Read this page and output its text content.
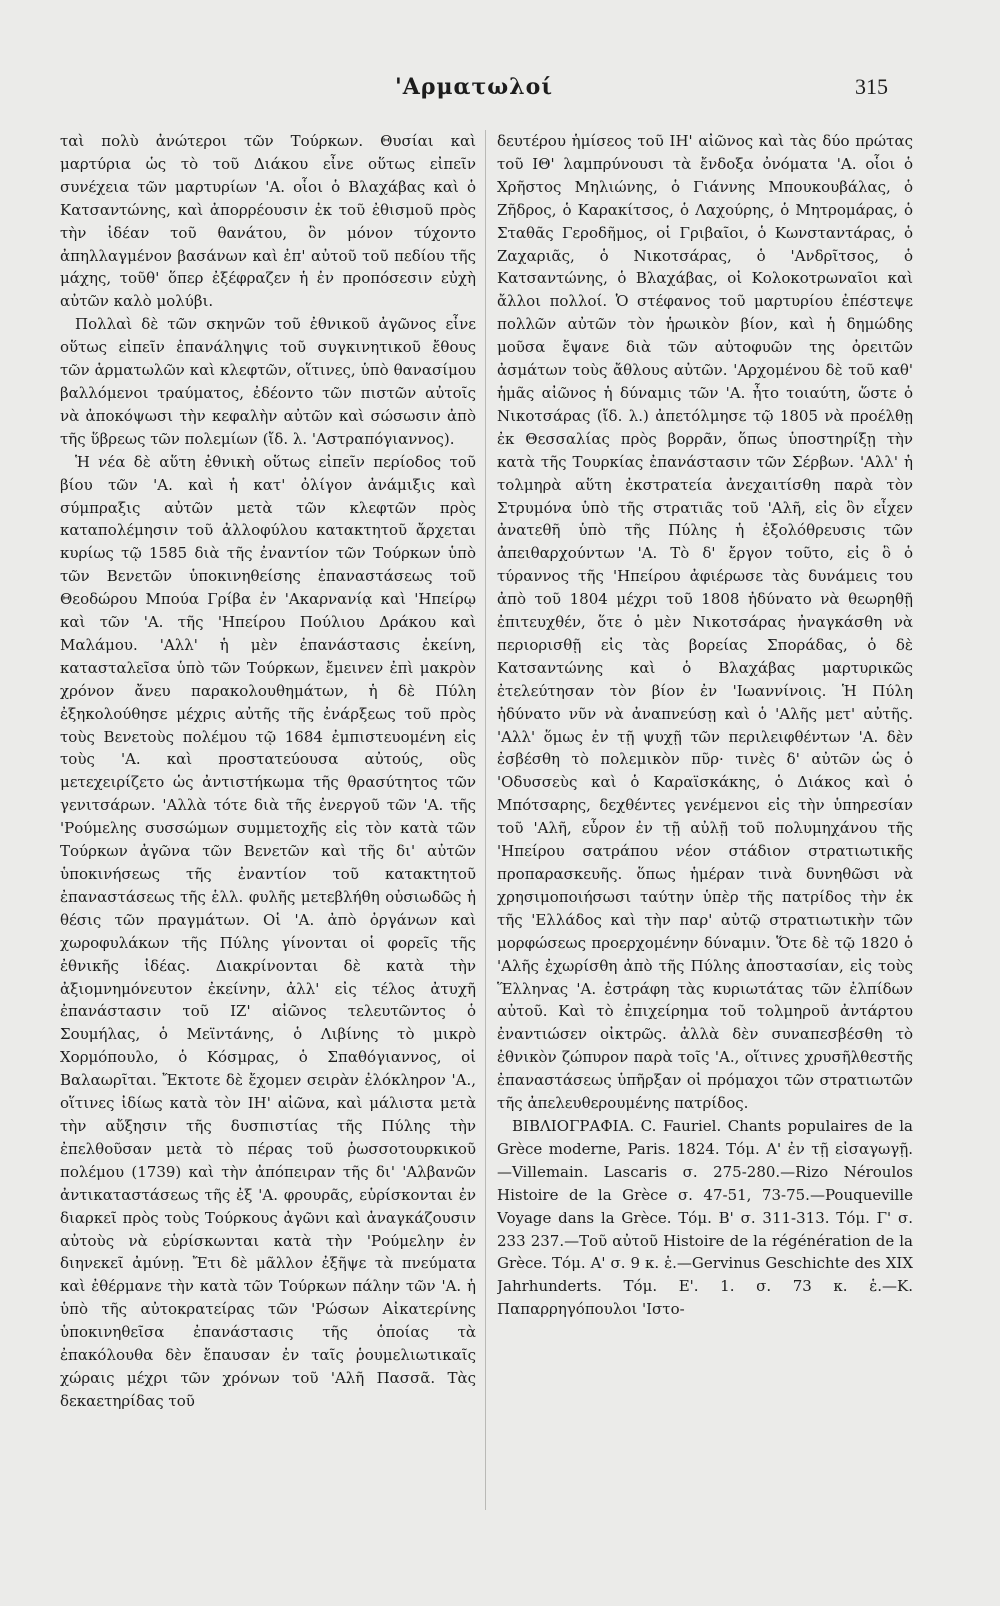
'Αρματωλοί	315

ταὶ πολὺ ἀνώτεροι τῶν Τούρκων. Θυσίαι καὶ μαρτύρια ὡς τὸ τοῦ Διάκου εἶνε οὕτως εἰπεῖν συνέχεια τῶν μαρτυρίων 'Α. οἷοι ὁ Βλαχάβας καὶ ὁ Κατσαντώνης, καὶ ἀπορρέουσιν ἐκ τοῦ ἐθισμοῦ πρὸς τὴν ἰδέαν τοῦ θανάτου, ὃν μόνον τύχοντο ἀπηλλαγμένον βασάνων καὶ ἐπ' αὐτοῦ τοῦ πεδίου τῆς μάχης, τοῦθ' ὅπερ ἐξέφραζεν ἡ ἐν προπόσεσιν εὐχὴ αὐτῶν καλὸ μολύβι.

Πολλαὶ δὲ τῶν σκηνῶν τοῦ ἐθνικοῦ ἀγῶνος εἶνε οὕτως εἰπεῖν ἐπανάληψις τοῦ συγκινητικοῦ ἔθους τῶν ἁρματωλῶν καὶ κλεφτῶν, οἵτινες, ὑπὸ θανασίμου βαλλόμενοι τραύματος, ἐδέοντο τῶν πιστῶν αὐτοῖς νὰ ἀποκόψωσι τὴν κεφαλὴν αὐτῶν καὶ σώσωσιν ἀπὸ τῆς ὕβρεως τῶν πολεμίων (ἴδ. λ. 'Αστραπόγιαννος).

Ἡ νέα δὲ αὕτη ἐθνικὴ οὕτως εἰπεῖν περίοδος τοῦ βίου τῶν 'Α. καὶ ἡ κατ' ὀλίγον ἀνάμιξις καὶ σύμπραξις αὐτῶν μετὰ τῶν κλεφτῶν πρὸς καταπολέμησιν τοῦ ἀλλοφύλου κατακτητοῦ ἄρχεται κυρίως τῷ 1585 διὰ τῆς ἐναντίον τῶν Τούρκων ὑπὸ τῶν Βενετῶν ὑποκινηθείσης ἐπαναστάσεως τοῦ Θεοδώρου Μπούα Γρίβα ἐν 'Ακαρνανίᾳ καὶ 'Ηπείρῳ καὶ τῶν 'Α. τῆς 'Ηπείρου Πούλιου Δράκου καὶ Μαλάμου. 'Αλλ' ἡ μὲν ἐπανάστασις ἐκείνη, κατασταλεῖσα ὑπὸ τῶν Τούρκων, ἔμεινεν ἐπὶ μακρὸν χρόνον ἄνευ παρακολουθημάτων, ἡ δὲ Πύλη ἐξηκολούθησε μέχρις αὐτῆς τῆς ἐνάρξεως τοῦ πρὸς τοὺς Βενετοὺς πολέμου τῷ 1684 ἐμπιστευομένη εἰς τοὺς 'Α. καὶ προστατεύουσα αὐτούς, οὓς μετεχειρίζετο ὡς ἀντιστήκωμα τῆς θρασύτητος τῶν γενιτσάρων. 'Αλλὰ τότε διὰ τῆς ἐνεργοῦ τῶν 'Α. τῆς 'Ρούμελης συσσώμων συμμετοχῆς εἰς τὸν κατὰ τῶν Τούρκων ἀγῶνα τῶν Βενετῶν καὶ τῆς δι' αὐτῶν ὑποκινήσεως τῆς ἐναντίον τοῦ κατακτητοῦ ἐπαναστάσεως τῆς ἑλλ. φυλῆς μετεβλήθη οὐσιωδῶς ἡ θέσις τῶν πραγμάτων. Οἱ 'Α. ἀπὸ ὀργάνων καὶ χωροφυλάκων τῆς Πύλης γίνονται οἱ φορεῖς τῆς ἐθνικῆς ἰδέας. Διακρίνονται δὲ κατὰ τὴν ἀξιομνημόνευτον ἐκείνην, ἀλλ' εἰς τέλος ἀτυχῆ ἐπανάστασιν τοῦ ΙΖ' αἰῶνος τελευτῶντος ὁ Σουμήλας, ὁ Μεϊντάνης, ὁ Λιβίνης τὸ μικρὸ Χορμόπουλο, ὁ Κόσμρας, ὁ Σπαθόγιαννος, οἱ Βαλαωρῖται. Ἔκτοτε δὲ ἔχομεν σειρὰν ἐλόκληρον 'Α., οἵτινες ἰδίως κατὰ τὸν ΙΗ' αἰῶνα, καὶ μάλιστα μετὰ τὴν αὔξησιν τῆς δυσπιστίας τῆς Πύλης τὴν ἐπελθοῦσαν μετὰ τὸ πέρας τοῦ ῥωσσοτουρκικοῦ πολέμου (1739) καὶ τὴν ἀπόπειραν τῆς δι' 'Αλβανῶν ἀντικαταστάσεως τῆς ἐξ 'Α. φρουρᾶς, εὑρίσκονται ἐν διαρκεῖ πρὸς τοὺς Τούρκους ἀγῶνι καὶ ἀναγκάζουσιν αὐτοὺς νὰ εὑρίσκωνται κατὰ τὴν 'Ρούμελην ἐν διηνεκεῖ ἀμύνῃ. Ἔτι δὲ μᾶλλον ἐξῆψε τὰ πνεύματα καὶ ἐθέρμανε τὴν κατὰ τῶν Τούρκων πάλην τῶν 'Α. ἡ ὑπὸ τῆς αὐτοκρατείρας τῶν 'Ρώσων Αἰκατερίνης ὑποκινηθεῖσα ἐπανάστασις τῆς ὁποίας τὰ ἐπακόλουθα δὲν ἔπαυσαν ἐν ταῖς ῥουμελιωτικαῖς χώραις μέχρι τῶν χρόνων τοῦ 'Αλῆ Πασσᾶ. Τὰς δεκαετηρίδας τοῦ

δευτέρου ἡμίσεος τοῦ ΙΗ' αἰῶνος καὶ τὰς δύο πρώτας τοῦ ΙΘ' λαμπρύνουσι τὰ ἔνδοξα ὀνόματα 'Α. οἷοι ὁ Χρῆστος Μηλιώνης, ὁ Γιάννης Μπουκουβάλας, ὁ Ζῆδρος, ὁ Καρακίτσος, ὁ Λαχούρης, ὁ Μητρομάρας, ὁ Σταθᾶς Γεροδῆμος, οἱ Γριβαῖοι, ὁ Κωνσταντάρας, ὁ Ζαχαριᾶς, ὁ Νικοτσάρας, ὁ 'Ανδρῖτσος, ὁ Κατσαντώνης, ὁ Βλαχάβας, οἱ Κολοκοτρωναῖοι καὶ ἄλλοι πολλοί. Ὁ στέφανος τοῦ μαρτυρίου ἐπέστεψε πολλῶν αὐτῶν τὸν ἡρωικὸν βίον, καὶ ἡ δημώδης μοῦσα ἔψανε διὰ τῶν αὐτοφυῶν της ὀρειτῶν ἀσμάτων τοὺς ἄθλους αὐτῶν. 'Αρχομένου δὲ τοῦ καθ' ἡμᾶς αἰῶνος ἡ δύναμις τῶν 'Α. ἦτο τοιαύτη, ὥστε ὁ Νικοτσάρας (ἴδ. λ.) ἀπετόλμησε τῷ 1805 νὰ προέλθῃ ἐκ Θεσσαλίας πρὸς βορρᾶν, ὅπως ὑποστηρίξῃ τὴν κατὰ τῆς Τουρκίας ἐπανάστασιν τῶν Σέρβων. 'Αλλ' ἡ τολμηρὰ αὕτη ἐκστρατεία ἀνεχαιτίσθη παρὰ τὸν Στρυμόνα ὑπὸ τῆς στρατιᾶς τοῦ 'Αλῆ, εἰς ὃν εἶχεν ἀνατεθῆ ὑπὸ τῆς Πύλης ἡ ἐξολόθρευσις τῶν ἀπειθαρχούντων 'Α. Τὸ δ' ἔργον τοῦτο, εἰς ὃ ὁ τύραννος τῆς 'Ηπείρου ἀφιέρωσε τὰς δυνάμεις του ἀπὸ τοῦ 1804 μέχρι τοῦ 1808 ἠδύνατο νὰ θεωρηθῇ ἐπιτευχθέν, ὅτε ὁ μὲν Νικοτσάρας ἠναγκάσθη νὰ περιορισθῇ εἰς τὰς βορείας Σποράδας, ὁ δὲ Κατσαντώνης καὶ ὁ Βλαχάβας μαρτυρικῶς ἐτελεύτησαν τὸν βίον ἐν 'Ιωαννίνοις. Ἡ Πύλη ἠδύνατο νῦν νὰ ἀναπνεύσῃ καὶ ὁ 'Αλῆς μετ' αὐτῆς. 'Αλλ' ὅμως ἐν τῇ ψυχῇ τῶν περιλειφθέντων 'Α. δὲν ἐσβέσθη τὸ πολεμικὸν πῦρ· τινὲς δ' αὐτῶν ὡς ὁ 'Οδυσσεὺς καὶ ὁ Καραϊσκάκης, ὁ Διάκος καὶ ὁ Μπότσαρης, δεχθέντες γενέμενοι εἰς τὴν ὑπηρεσίαν τοῦ 'Αλῆ, εὗρον ἐν τῇ αὐλῇ τοῦ πολυμηχάνου τῆς 'Ηπείρου σατράπου νέον στάδιον στρατιωτικῆς προπαρασκευῆς. ὅπως ἡμέραν τινὰ δυνηθῶσι νὰ χρησιμοποιήσωσι ταύτην ὑπὲρ τῆς πατρίδος τὴν ἐκ τῆς 'Ελλάδος καὶ τὴν παρ' αὐτῷ στρατιωτικὴν τῶν μορφώσεως προερχομένην δύναμιν. Ὅτε δὲ τῷ 1820 ὁ 'Αλῆς ἐχωρίσθη ἀπὸ τῆς Πύλης ἀποστασίαν, εἰς τοὺς Ἕλληνας 'Α. ἐστράφη τὰς κυριωτάτας τῶν ἐλπίδων αὐτοῦ. Καὶ τὸ ἐπιχείρημα τοῦ τολμηροῦ ἀντάρτου ἐναντιώσεν οἰκτρῶς. ἀλλὰ δὲν συναπεσβέσθη τὸ ἐθνικὸν ζώπυρον παρὰ τοῖς 'Α., οἵτινες χρυσῆλθεστῆς ἐπαναστάσεως ὑπῆρξαν οἱ πρόμαχοι τῶν στρατιωτῶν τῆς ἀπελευθερουμένης πατρίδος.

ΒΙΒΛΙΟΓΡΑΦΙΑ. C. Fauriel. Chants populaires de la Grèce moderne, Paris. 1824. Τόμ. Α' ἐν τῇ εἰσαγωγῇ.—Villemain. Lascaris σ. 275-280.—Rizo Néroulos Histoire de la Grèce σ. 47-51, 73-75.—Pouqueville Voyage dans la Grèce. Τόμ. Β' σ. 311-313. Τόμ. Γ' σ. 233 237.—Τοῦ αὐτοῦ Histoire de la régénération de la Grèce. Τόμ. Α' σ. 9 κ. ἑ.—Gervinus Geschichte des XIX Jahrhunderts. Τόμ. Ε'. 1. σ. 73 κ. ἑ.—Κ. Παπαρρηγόπουλοι 'Ιστο-
